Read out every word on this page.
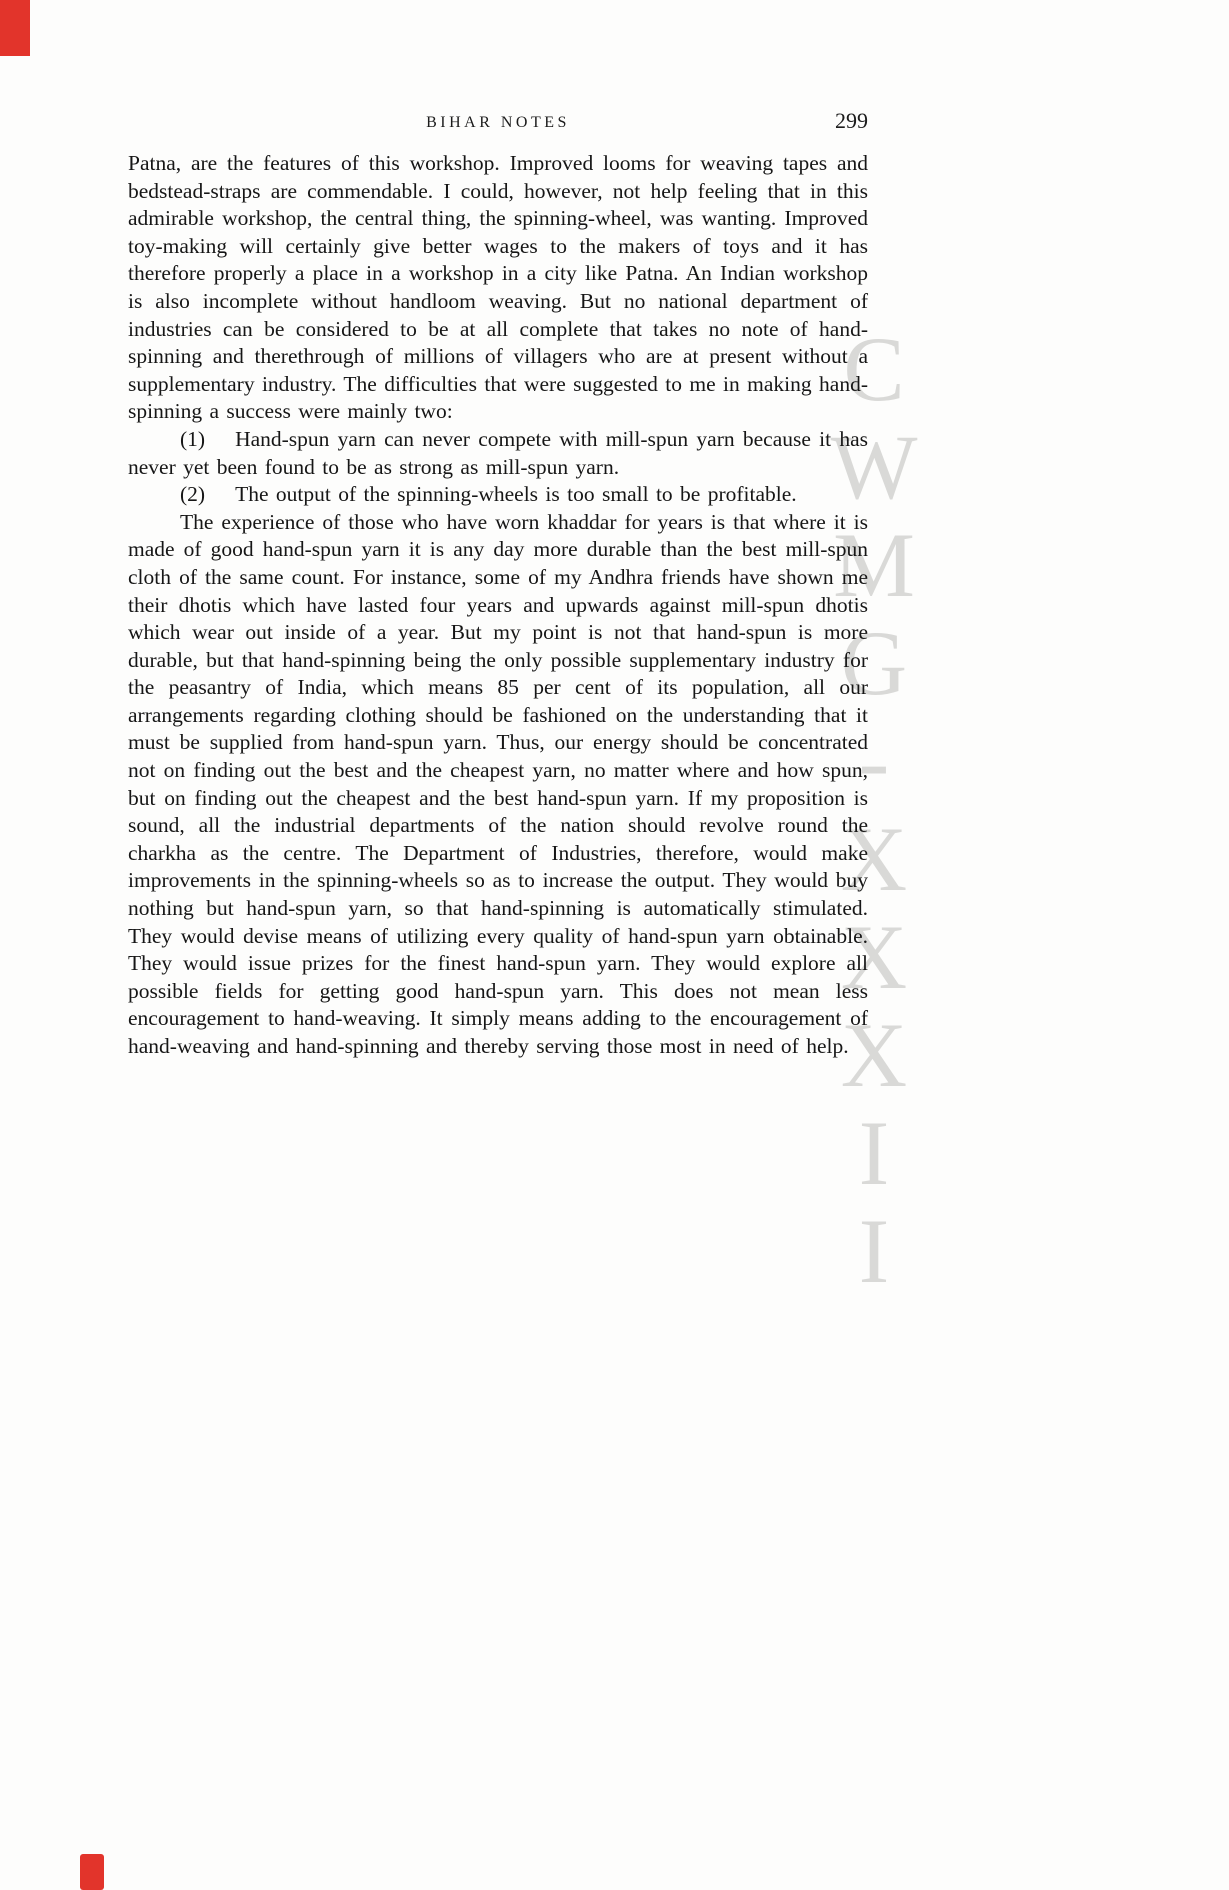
CWMG-XXXII
BIHAR NOTES	299

Patna, are the features of this workshop. Improved looms for weaving tapes and bedstead-straps are commendable. I could, however, not help feeling that in this admirable workshop, the central thing, the spinning-wheel, was wanting. Improved toy-making will certainly give better wages to the makers of toys and it has therefore properly a place in a workshop in a city like Patna. An Indian workshop is also incomplete without handloom weaving. But no national department of industries can be considered to be at all complete that takes no note of hand-spinning and therethrough of millions of villagers who are at present without a supplementary industry. The difficulties that were suggested to me in making hand-spinning a success were mainly two:

(1) Hand-spun yarn can never compete with mill-spun yarn because it has never yet been found to be as strong as mill-spun yarn.

(2) The output of the spinning-wheels is too small to be profitable.

The experience of those who have worn khaddar for years is that where it is made of good hand-spun yarn it is any day more durable than the best mill-spun cloth of the same count. For instance, some of my Andhra friends have shown me their dhotis which have lasted four years and upwards against mill-spun dhotis which wear out inside of a year. But my point is not that hand-spun is more durable, but that hand-spinning being the only possible supplementary industry for the peasantry of India, which means 85 per cent of its population, all our arrangements regarding clothing should be fashioned on the understanding that it must be supplied from hand-spun yarn. Thus, our energy should be concentrated not on finding out the best and the cheapest yarn, no matter where and how spun, but on finding out the cheapest and the best hand-spun yarn. If my proposition is sound, all the industrial departments of the nation should revolve round the charkha as the centre. The Department of Industries, therefore, would make improvements in the spinning-wheels so as to increase the output. They would buy nothing but hand-spun yarn, so that hand-spinning is automatically stimulated. They would devise means of utilizing every quality of hand-spun yarn obtainable. They would issue prizes for the finest hand-spun yarn. They would explore all possible fields for getting good hand-spun yarn. This does not mean less encouragement to hand-weaving. It simply means adding to the encouragement of hand-weaving and hand-spinning and thereby serving those most in need of help.
